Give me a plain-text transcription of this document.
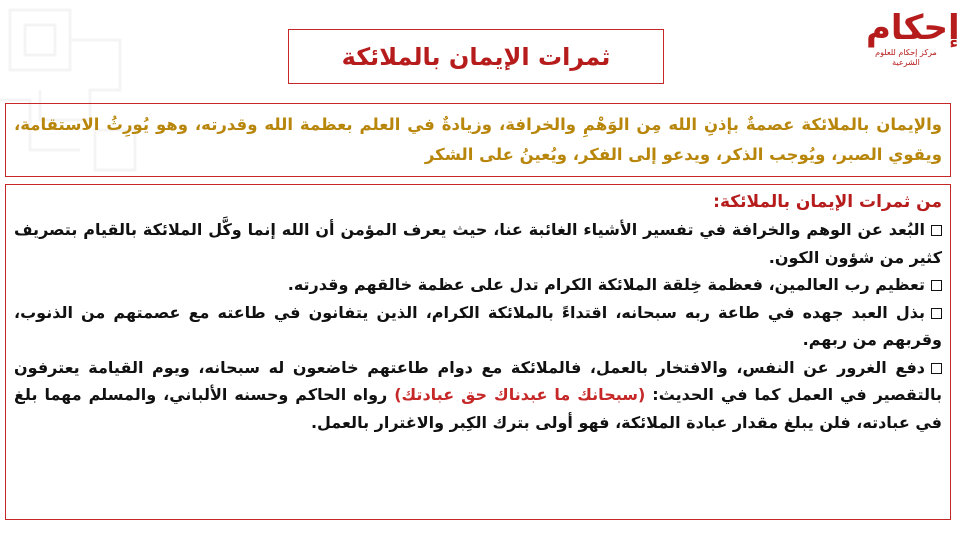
إحكام
مركز إحكام للعلوم الشرعية
ثمرات الإيمان بالملائكة

والإيمان بالملائكة عصمةٌ بإذنِ الله مِن الوَهْمِ والخرافة، وزيادةٌ في العلم بعظمة الله وقدرته، وهو يُورِثُ الاستقامة، ويقوي الصبر، ويُوجب الذكر، ويدعو إلى الفكر، ويُعينُ على الشكر

من ثمرات الإيمان بالملائكة:

البُعد عن الوهم والخرافة في تفسير الأشياء الغائبة عنا، حيث يعرف المؤمن أن الله إنما وكَّل الملائكة بالقيام بتصريف كثير من شؤون الكون.

تعظيم رب العالمين، فعظمة خِلقة الملائكة الكرام تدل على عظمة خالقهم وقدرته.

بذل العبد جهده في طاعة ربه سبحانه، اقتداءً بالملائكة الكرام، الذين يتفانون في طاعته مع عصمتهم من الذنوب، وقربهم من ربهم.

دفع الغرور عن النفس، والافتخار بالعمل، فالملائكة مع دوام طاعتهم خاضعون له سبحانه، ويوم القيامة يعترفون بالتقصير في العمل كما في الحديث: (سبحانك ما عبدناك حق عبادتك) رواه الحاكم وحسنه الألباني، والمسلم مهما بلغ في عبادته، فلن يبلغ مقدار عبادة الملائكة، فهو أولى بترك الكِبر والاغترار بالعمل.
